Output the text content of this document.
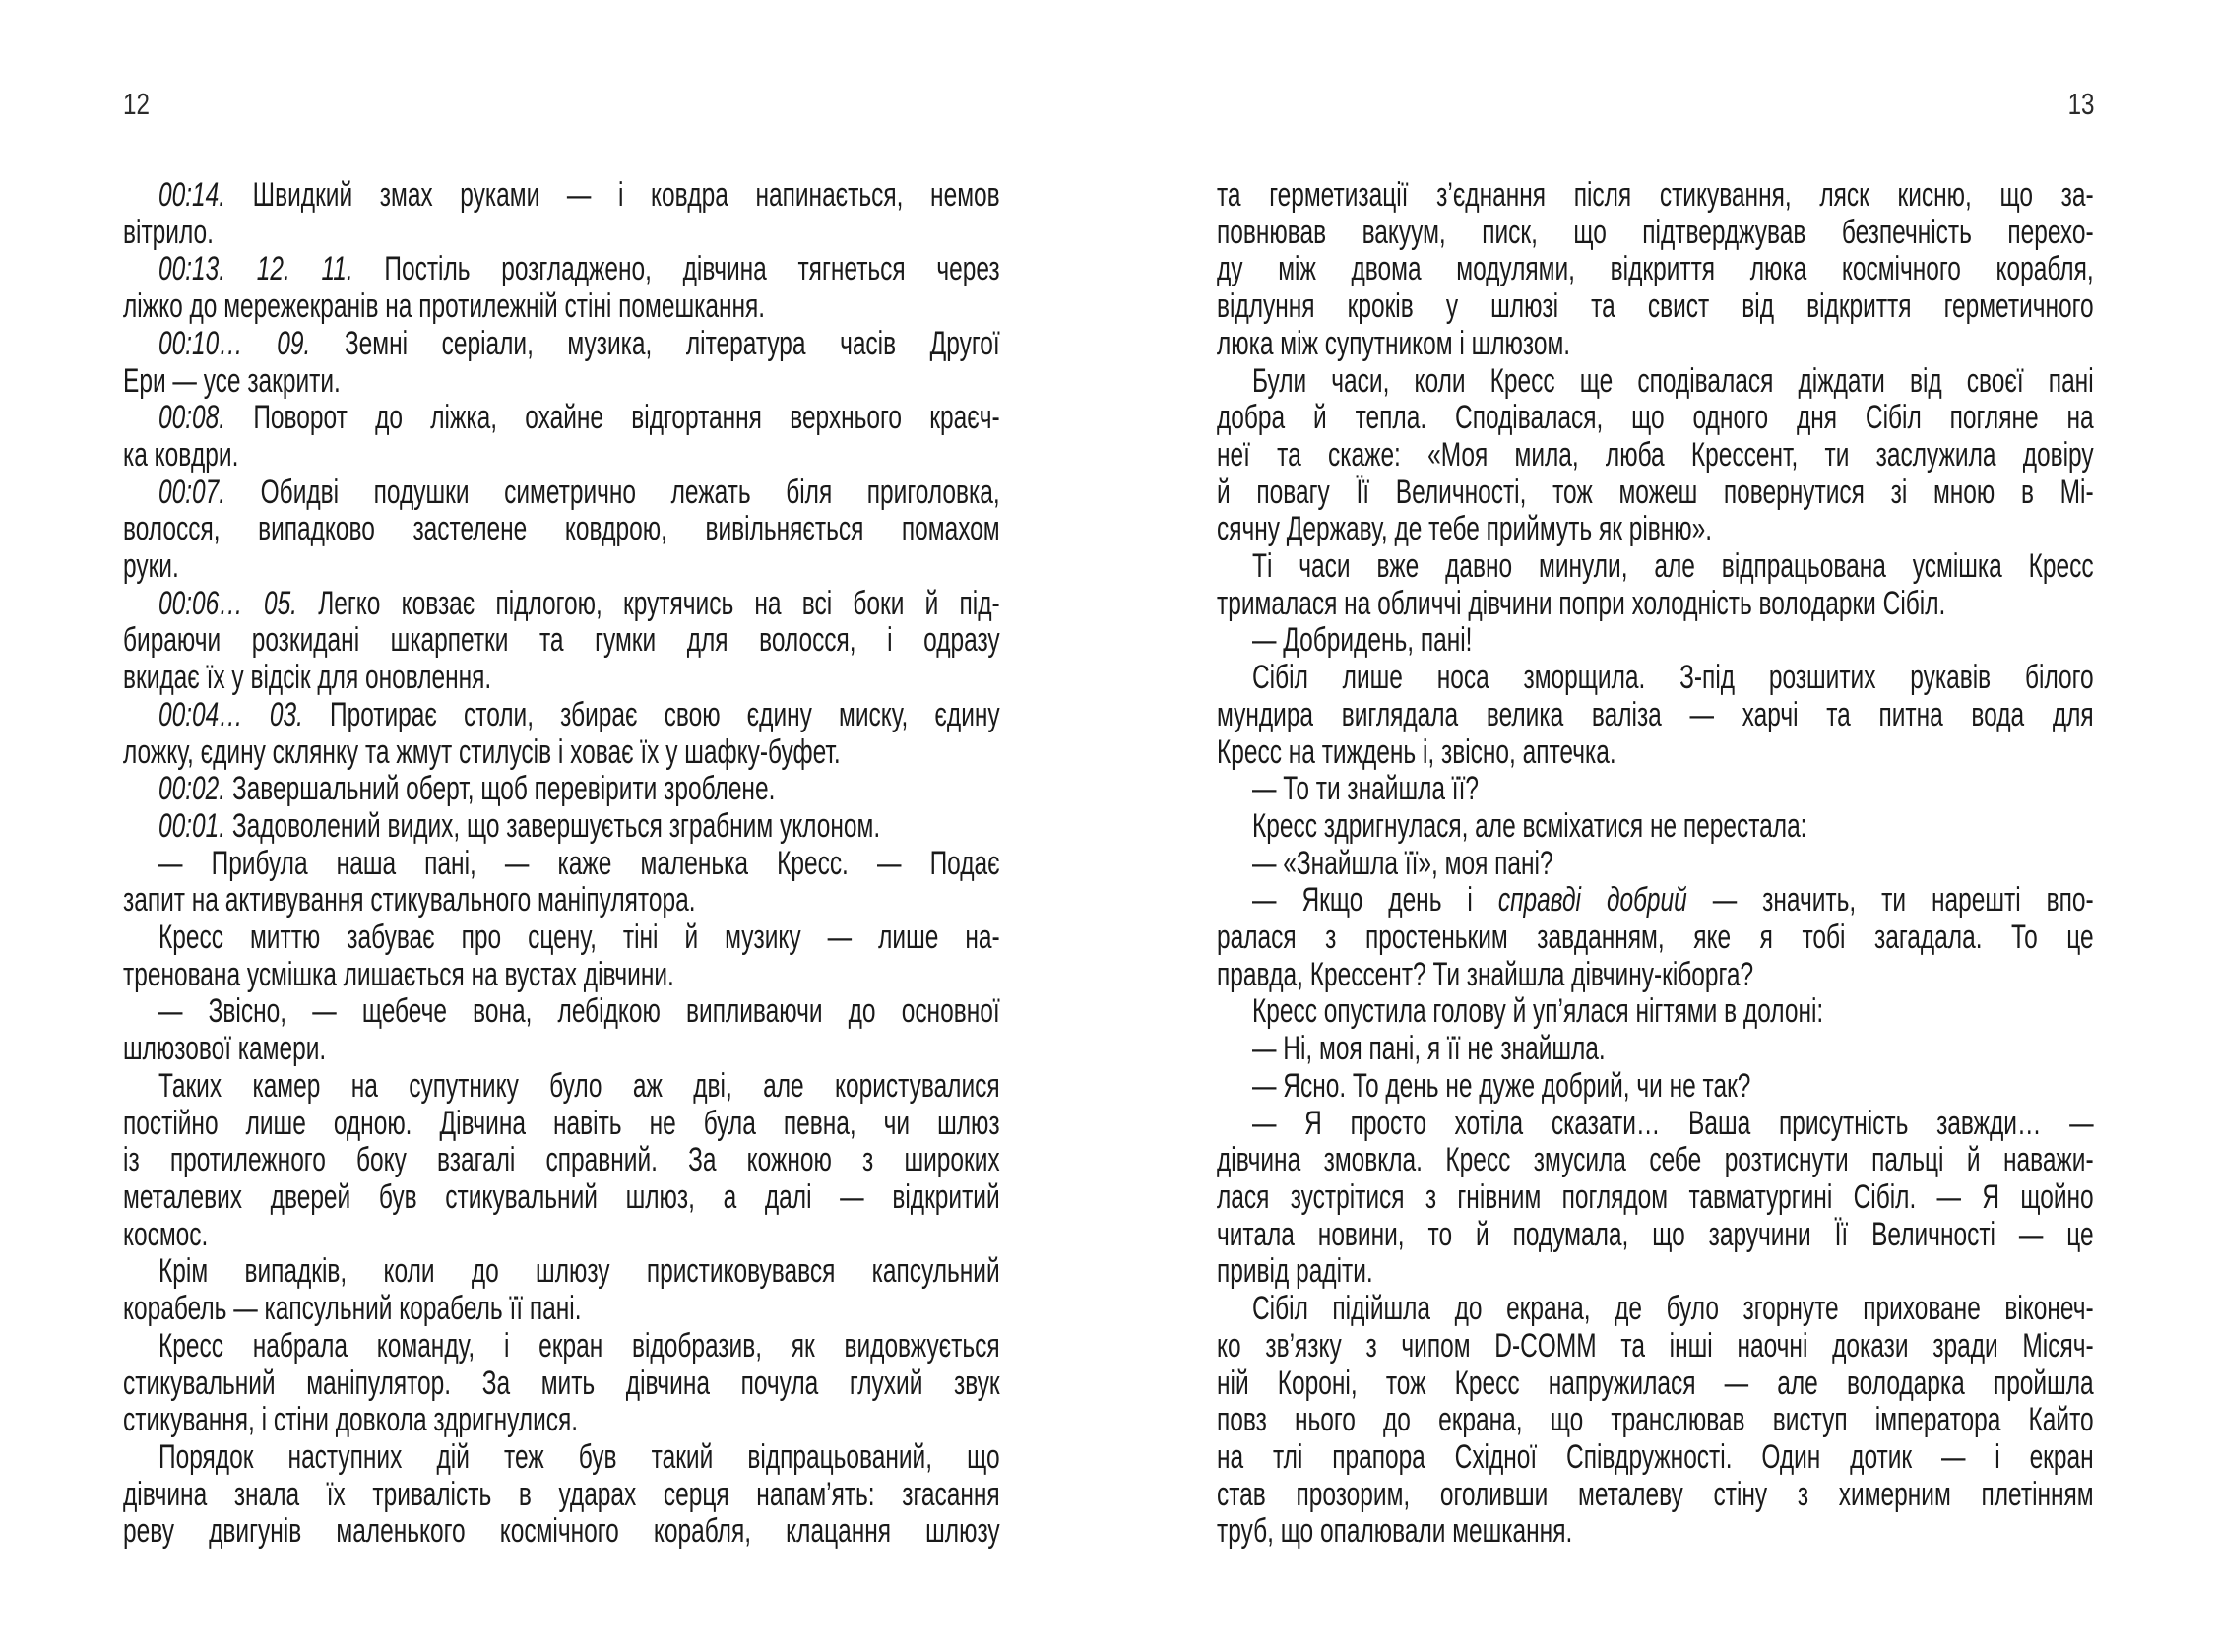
12
00:14. Швидкий змах руками — і ковдра напинається, немов
вітрило.
00:13. 12. 11. Постіль розгладжено, дівчина тягнеться через
ліжко до мережекранів на протилежній стіні помешкання.
00:10… 09. Земні серіали, музика, література часів Другої
Ери — усе закрити.
00:08. Поворот до ліжка, охайне відгортання верхнього краєч-
ка ковдри.
00:07. Обидві подушки симетрично лежать біля приголовка,
волосся, випадково застелене ковдрою, вивільняється помахом
руки.
00:06… 05. Легко ковзає підлогою, крутячись на всі боки й під-
бираючи розкидані шкарпетки та гумки для волосся, і одразу
вкидає їх у відсік для оновлення.
00:04… 03. Протирає столи, збирає свою єдину миску, єдину
ложку, єдину склянку та жмут стилусів і ховає їх у шафку-буфет.
00:02. Завершальний оберт, щоб перевірити зроблене.
00:01. Задоволений видих, що завершується зграбним уклоном.
— Прибула наша пані, — каже маленька Кресс. — Подає
запит на активування стикувального маніпулятора.
Кресс миттю забуває про сцену, тіні й музику — лише на-
тренована усмішка лишається на вустах дівчини.
— Звісно, — щебече вона, лебідкою випливаючи до основної
шлюзової камери.
Таких камер на супутнику було аж дві, але користувалися
постійно лише одною. Дівчина навіть не була певна, чи шлюз
із протилежного боку взагалі справний. За кожною з широких
металевих дверей був стикувальний шлюз, а далі — відкритий
космос.
Крім випадків, коли до шлюзу пристиковувався капсульний
корабель — капсульний корабель її пані.
Кресс набрала команду, і екран відобразив, як видовжується
стикувальний маніпулятор. За мить дівчина почула глухий звук
стикування, і стіни довкола здригнулися.
Порядок наступних дій теж був такий відпрацьований, що
дівчина знала їх тривалість в ударах серця напам’ять: згасання
реву двигунів маленького космічного корабля, клацання шлюзу
13
та герметизації з’єднання після стикування, ляск кисню, що за-
повнював вакуум, писк, що підтверджував безпечність перехо-
ду між двома модулями, відкриття люка космічного корабля,
відлуння кроків у шлюзі та свист від відкриття герметичного
люка між супутником і шлюзом.
Були часи, коли Кресс ще сподівалася діждати від своєї пані
добра й тепла. Сподівалася, що одного дня Сібіл погляне на
неї та скаже: «Моя мила, люба Крессент, ти заслужила довіру
й повагу Її Величності, тож можеш повернутися зі мною в Мі-
сячну Державу, де тебе приймуть як рівню».
Ті часи вже давно минули, але відпрацьована усмішка Кресс
трималася на обличчі дівчини попри холодність володарки Сібіл.
— Добридень, пані!
Сібіл лише носа зморщила. З-під розшитих рукавів білого
мундира виглядала велика валіза — харчі та питна вода для
Кресс на тиждень і, звісно, аптечка.
— То ти знайшла її?
Кресс здригнулася, але всміхатися не перестала:
— «Знайшла її», моя пані?
— Якщо день і справді добрий — значить, ти нарешті впо-
ралася з простеньким завданням, яке я тобі загадала. То це
правда, Крессент? Ти знайшла дівчину-кіборга?
Кресс опустила голову й уп’ялася нігтями в долоні:
— Ні, моя пані, я її не знайшла.
— Ясно. То день не дуже добрий, чи не так?
— Я просто хотіла сказати… Ваша присутність завжди… —
дівчина змовкла. Кресс змусила себе розтиснути пальці й наважи-
лася зустрітися з гнівним поглядом тавматургині Сібіл. — Я щойно
читала новини, то й подумала, що заручини Її Величності — це
привід радіти.
Сібіл підійшла до екрана, де було згорнуте приховане віконеч-
ко зв’язку з чипом D-COMM та інші наочні докази зради Місяч-
ній Короні, тож Кресс напружилася — але володарка пройшла
повз нього до екрана, що транслював виступ імператора Кайто
на тлі прапора Східної Співдружності. Один дотик — і екран
став прозорим, оголивши металеву стіну з химерним плетінням
труб, що опалювали мешкання.
